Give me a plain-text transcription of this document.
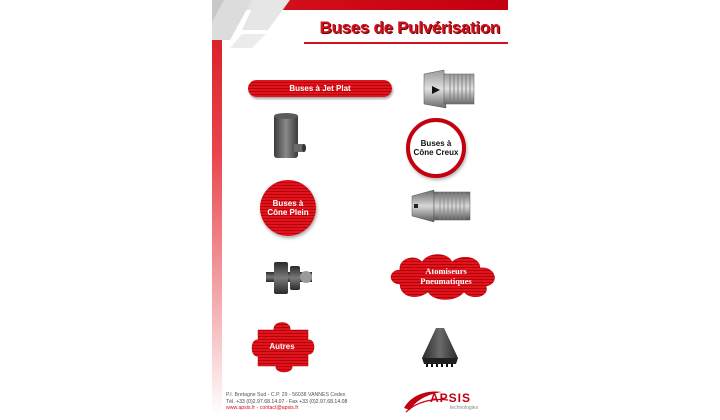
Buses de Pulvérisation
Buses à Jet Plat
Buses à
Cône Creux
Buses à
Cône Plein
Atomiseurs
Pneumatiques
Autres
P.I. Bretagne Sud - C.P. 29 - 56038 VANNES Cedex
Tél. +33 (0)2.97.68.14.07 - Fax +33 (0)2.97.68.14.08
www.apsis.fr - contact@apsis.fr
APSIS
technologies
